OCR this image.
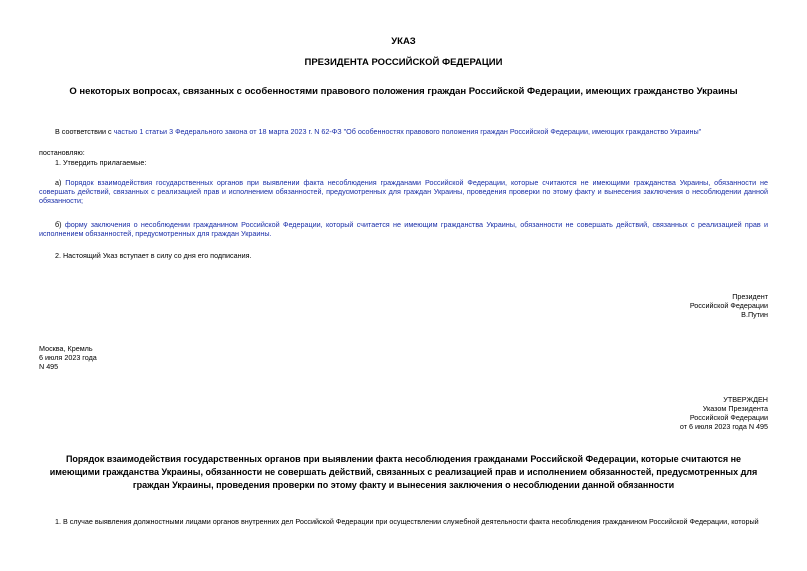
УКАЗ
ПРЕЗИДЕНТА РОССИЙСКОЙ ФЕДЕРАЦИИ
О некоторых вопросах, связанных с особенностями правового положения граждан Российской Федерации, имеющих гражданство Украины
В соответствии с частью 1 статьи 3 Федерального закона от 18 марта 2023 г. N 62-ФЗ "Об особенностях правового положения граждан Российской Федерации, имеющих гражданство Украины"
постановляю:
1. Утвердить прилагаемые:
а) Порядок взаимодействия государственных органов при выявлении факта несоблюдения гражданами Российской Федерации, которые считаются не имеющими гражданства Украины, обязанности не совершать действий, связанных с реализацией прав и исполнением обязанностей, предусмотренных для граждан Украины, проведения проверки по этому факту и вынесения заключения о несоблюдении данной обязанности;
б) форму заключения о несоблюдении гражданином Российской Федерации, который считается не имеющим гражданства Украины, обязанности не совершать действий, связанных с реализацией прав и исполнением обязанностей, предусмотренных для граждан Украины.
2. Настоящий Указ вступает в силу со дня его подписания.
Президент
Российской Федерации
В.Путин
Москва, Кремль
6 июля 2023 года
N 495
УТВЕРЖДЕН
Указом Президента
Российской Федерации
от 6 июля 2023 года N 495
Порядок взаимодействия государственных органов при выявлении факта несоблюдения гражданами Российской Федерации, которые считаются не имеющими гражданства Украины, обязанности не совершать действий, связанных с реализацией прав и исполнением обязанностей, предусмотренных для граждан Украины, проведения проверки по этому факту и вынесения заключения о несоблюдении данной обязанности
1. В случае выявления должностными лицами органов внутренних дел Российской Федерации при осуществлении служебной деятельности факта несоблюдения гражданином Российской Федерации, который
